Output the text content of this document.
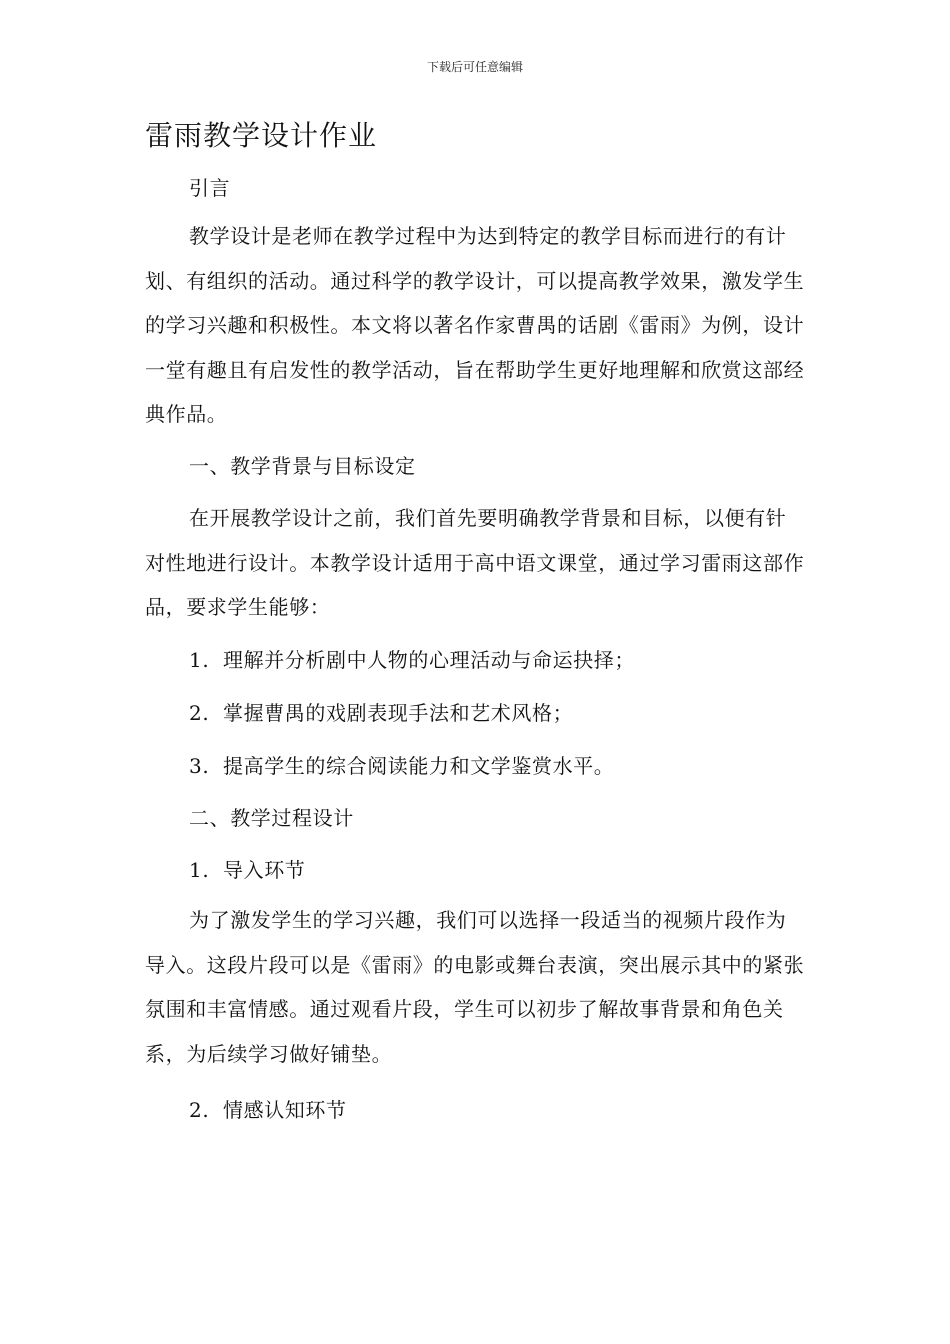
下载后可任意编辑
雷雨教学设计作业

引言

教学设计是老师在教学过程中为达到特定的教学目标而进行的有计划、有组织的活动。通过科学的教学设计，可以提高教学效果，激发学生的学习兴趣和积极性。本文将以著名作家曹禺的话剧《雷雨》为例，设计一堂有趣且有启发性的教学活动，旨在帮助学生更好地理解和欣赏这部经典作品。

一、教学背景与目标设定

在开展教学设计之前，我们首先要明确教学背景和目标，以便有针对性地进行设计。本教学设计适用于高中语文课堂，通过学习雷雨这部作品，要求学生能够：

1. 理解并分析剧中人物的心理活动与命运抉择；

2. 掌握曹禺的戏剧表现手法和艺术风格；

3. 提高学生的综合阅读能力和文学鉴赏水平。

二、教学过程设计

1. 导入环节

为了激发学生的学习兴趣，我们可以选择一段适当的视频片段作为导入。这段片段可以是《雷雨》的电影或舞台表演，突出展示其中的紧张氛围和丰富情感。通过观看片段，学生可以初步了解故事背景和角色关系，为后续学习做好铺垫。

2. 情感认知环节
